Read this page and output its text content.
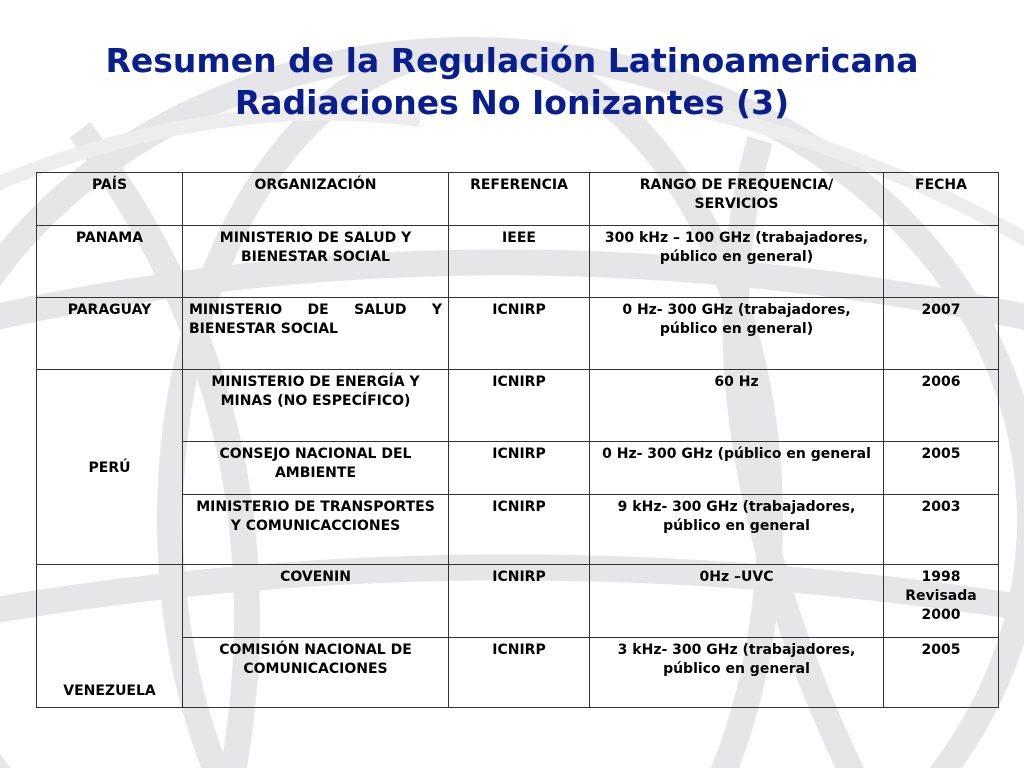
Resumen de la Regulación Latinoamericana
Radiaciones No Ionizantes (3)
PAÍS	ORGANIZACIÓN	REFERENCIA	RANGO DE FREQUENCIA/ SERVICIOS	FECHA
PANAMA	MINISTERIO DE SALUD Y BIENESTAR SOCIAL	IEEE	300 kHz – 100 GHz (trabajadores, público en general)	
PARAGUAY	MINISTERIO DE SALUD Y BIENESTAR SOCIAL	ICNIRP	0 Hz- 300 GHz (trabajadores, público en general)	2007
PERÚ	MINISTERIO DE ENERGÍA Y MINAS (NO ESPECÍFICO)	ICNIRP	60 Hz	2006
	CONSEJO NACIONAL DEL AMBIENTE	ICNIRP	0 Hz- 300 GHz (público en general	2005
	MINISTERIO DE TRANSPORTES Y COMUNICACCIONES	ICNIRP	9 kHz- 300 GHz (trabajadores, público en general	2003
VENEZUELA	COVENIN	ICNIRP	0Hz –UVC	1998 Revisada 2000
	COMISIÓN NACIONAL DE COMUNICACIONES	ICNIRP	3 kHz- 300 GHz (trabajadores, público en general	2005
